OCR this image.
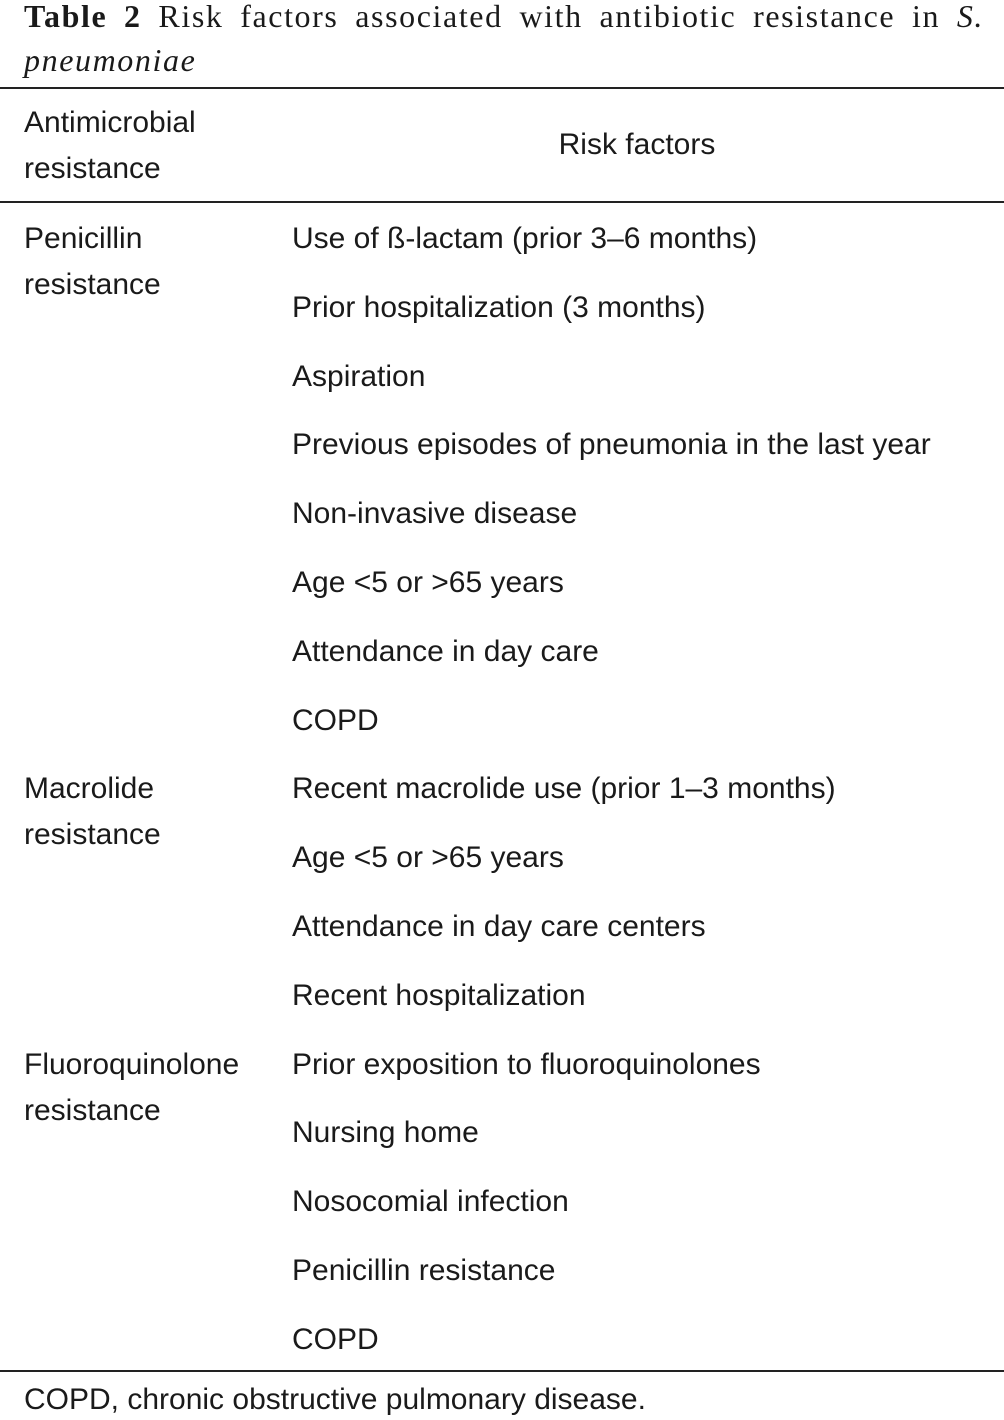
Table 2 Risk factors associated with antibiotic resistance in S. pneumoniae
Antimicrobial
resistance
Risk factors
Penicillin
resistance
Use of ß-lactam (prior 3–6 months)
Prior hospitalization (3 months)
Aspiration
Previous episodes of pneumonia in the last year
Non-invasive disease
Age <5 or >65 years
Attendance in day care
COPD
Macrolide
resistance
Recent macrolide use (prior 1–3 months)
Age <5 or >65 years
Attendance in day care centers
Recent hospitalization
Fluoroquinolone
resistance
Prior exposition to fluoroquinolones
Nursing home
Nosocomial infection
Penicillin resistance
COPD
COPD, chronic obstructive pulmonary disease.
